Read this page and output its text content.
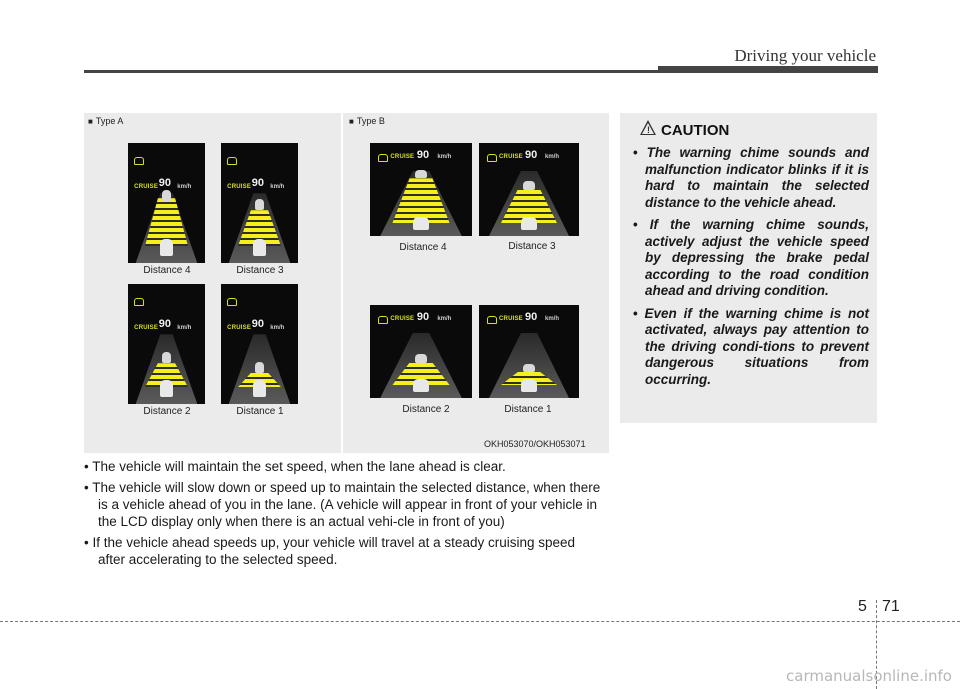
Driving your vehicle
■ Type A	■ Type B
CRUISE 90 km/h	CRUISE 90 km/h
Distance 4	Distance 3
CRUISE 90 km/h	CRUISE 90 km/h
Distance 2	Distance 1
CRUISE 90 km/h	CRUISE 90 km/h
Distance 4	Distance 3
CRUISE 90 km/h	CRUISE 90 km/h
Distance 2	Distance 1
OKH053070/OKH053071
! CAUTION
• The warning chime sounds and malfunction indicator blinks if it is hard to maintain the selected distance to the vehicle ahead.
• If the warning chime sounds, actively adjust the vehicle speed by depressing the brake pedal according to the road condition ahead and driving condition.
• Even if the warning chime is not activated, always pay attention to the driving condi-tions to prevent dangerous situations from occurring.
• The vehicle will maintain the set speed, when the lane ahead is clear.
• The vehicle will slow down or speed up to maintain the selected distance, when there is a vehicle ahead of you in the lane. (A vehicle will appear in front of your vehicle in the LCD display only when there is an actual vehi-cle in front of you)
• If the vehicle ahead speeds up, your vehicle will travel at a steady cruising speed after accelerating to the selected speed.
5 71
carmanualsonline.info
